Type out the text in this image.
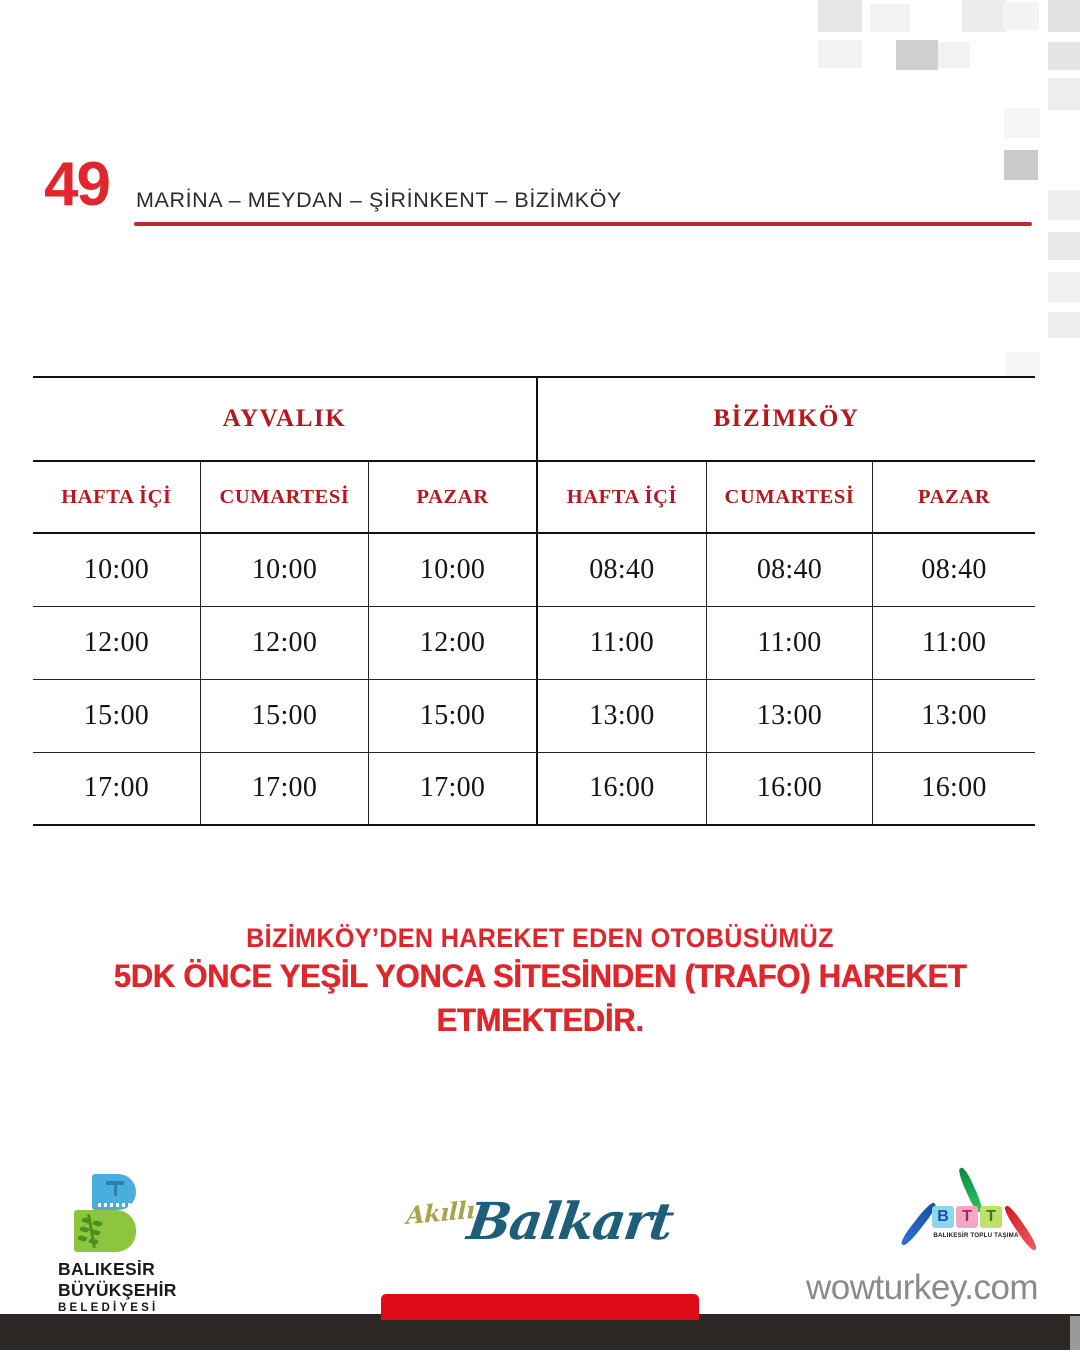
49 MARİNA – MEYDAN – ŞİRİNKENT – BİZİMKÖY
AYVALIK			BİZİMKÖY		
HAFTA İÇİ	CUMARTESİ	PAZAR	HAFTA İÇİ	CUMARTESİ	PAZAR
10:00	10:00	10:00	08:40	08:40	08:40
12:00	12:00	12:00	11:00	11:00	11:00
15:00	15:00	15:00	13:00	13:00	13:00
17:00	17:00	17:00	16:00	16:00	16:00
BİZİMKÖY’DEN HAREKET EDEN OTOBÜSÜMÜZ
5DK ÖNCE YEŞİL YONCA SİTESİNDEN (TRAFO) HAREKET ETMEKTEDİR.
BALIKESİR
BÜYÜKŞEHİR
BELEDİYESİ
Akıllı
Balkart	B T T
BALIKESİR TOPLU TAŞIMA
wowturkey.com
